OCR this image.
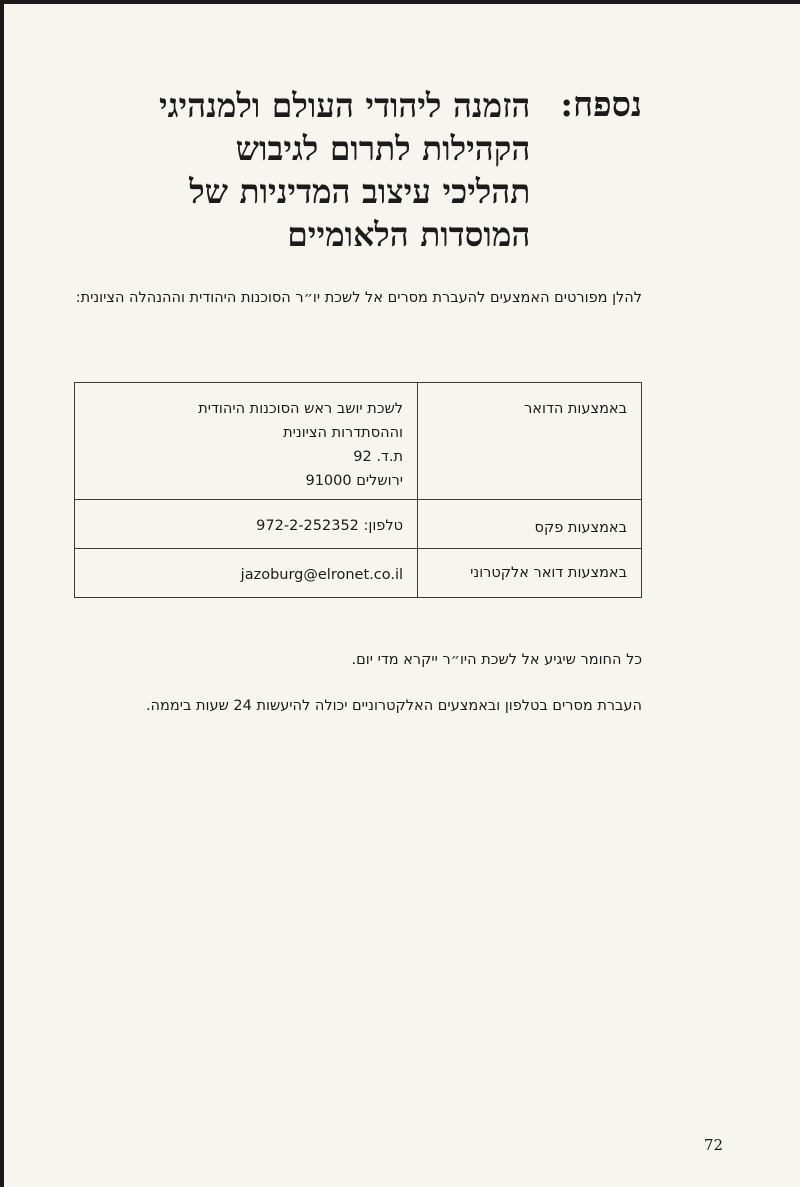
נספח:
הזמנה ליהודי העולם ולמנהיגי הקהילות לתרום לגיבוש תהליכי עיצוב המדיניות של המוסדות הלאומיים

להלן מפורטים האמצעים להעברת מסרים אל לשכת יו״ר הסוכנות היהודית וההנהלה הציונית:

באמצעות הדואר	לשכת יושב ראש הסוכנות היהודית
וההסתדרות הציונית
ת.ד. 92
ירושלים 91000

באמצעות פקס	טלפון: 972-2-252352
באמצעות דואר אלקטרוני	jazoburg@elronet.co.il

כל החומר שיגיע אל לשכת היו״ר ייקרא מדי יום.

העברת מסרים בטלפון ובאמצעים האלקטרוניים יכולה להיעשות 24 שעות ביממה.

72
